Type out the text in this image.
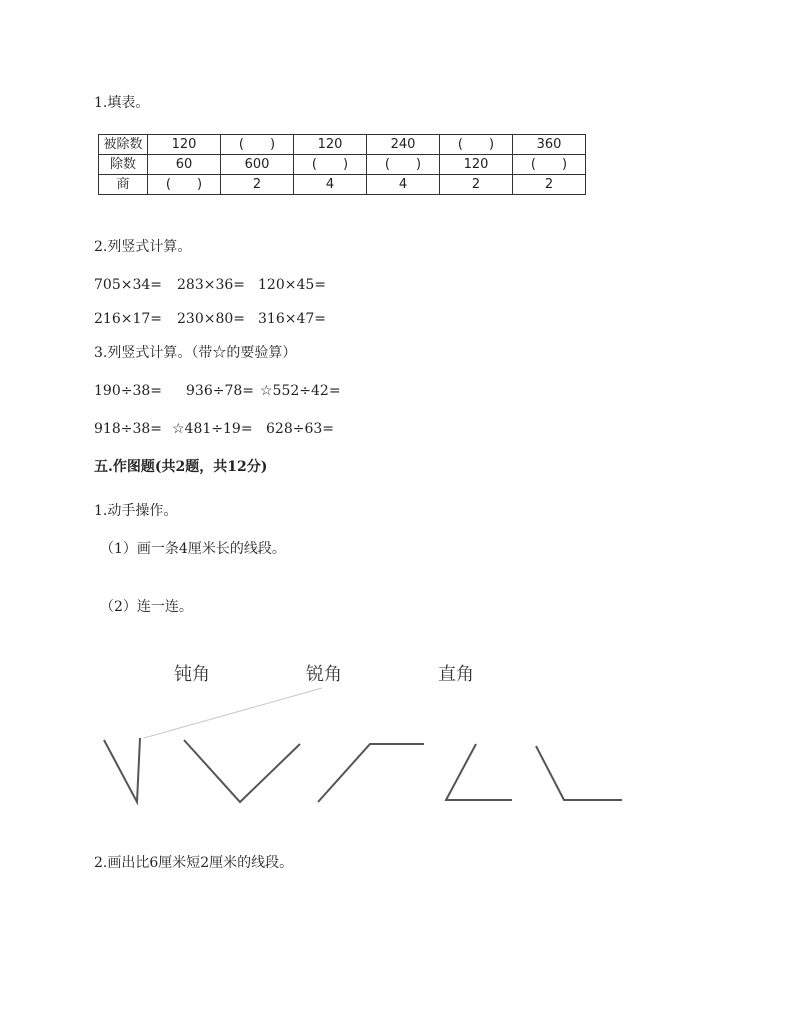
1.填表。
被除数	120	(　　)	120	240	(　　)	360
除数	60	600	(　　)	(　　)	120	(　　)
商	(　　)	2	4	4	2	2
2.列竖式计算。
705×34= 283×36= 120×45=
216×17= 230×80= 316×47=
3.列竖式计算。（带☆的要验算）
190÷38= 936÷78= ☆552÷42=
918÷38= ☆481÷19= 628÷63=
五.作图题(共2题，共12分)
1.动手操作。
（1）画一条4厘米长的线段。
（2）连一连。
钝角	锐角	直角
2.画出比6厘米短2厘米的线段。
